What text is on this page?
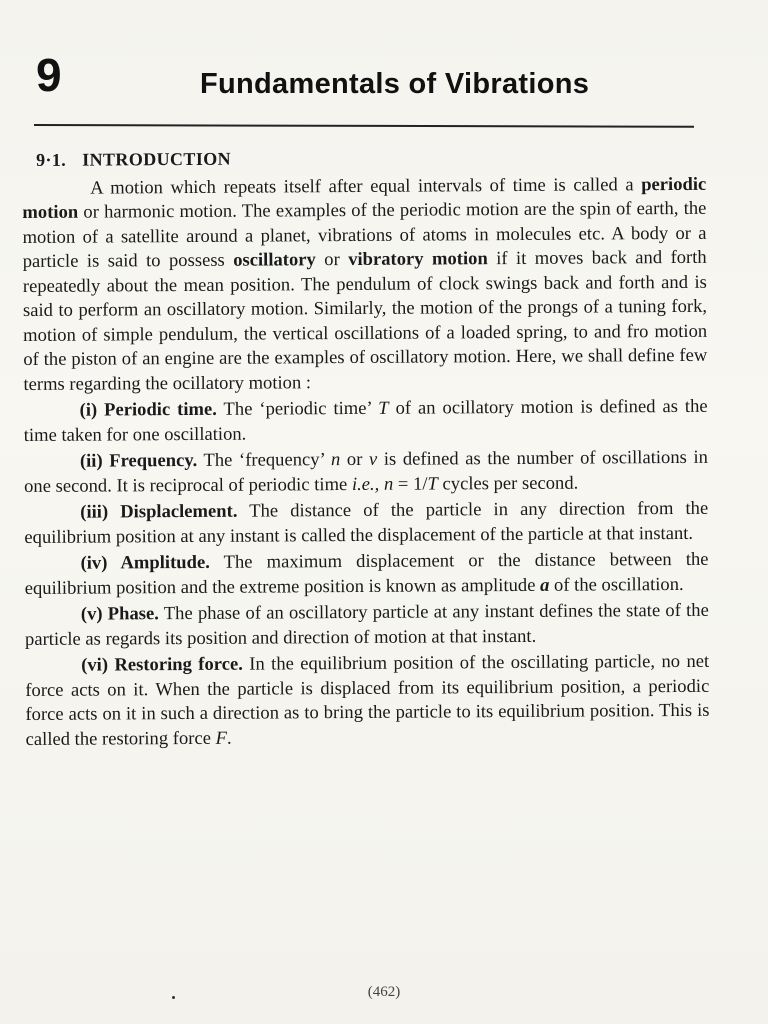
9	Fundamentals of Vibrations
9·1. INTRODUCTION

A motion which repeats itself after equal intervals of time is called a periodic motion or harmonic motion. The examples of the periodic motion are the spin of earth, the motion of a satellite around a planet, vibrations of atoms in molecules etc. A body or a particle is said to possess oscillatory or vibratory motion if it moves back and forth repeatedly about the mean position. The pendulum of clock swings back and forth and is said to perform an oscillatory motion. Similarly, the motion of the prongs of a tuning fork, motion of simple pendulum, the vertical oscillations of a loaded spring, to and fro motion of the piston of an engine are the examples of oscillatory motion. Here, we shall define few terms regarding the ocillatory motion :

(i) Periodic time. The ‘periodic time’ T of an ocillatory motion is defined as the time taken for one oscillation.

(ii) Frequency. The ‘frequency’ n or v is defined as the number of oscillations in one second. It is reciprocal of periodic time i.e., n = 1/T cycles per second.

(iii) Displaclement. The distance of the particle in any direction from the equilibrium position at any instant is called the displacement of the particle at that instant.

(iv) Amplitude. The maximum displacement or the distance between the equilibrium position and the extreme position is known as amplitude a of the oscillation.

(v) Phase. The phase of an oscillatory particle at any instant defines the state of the particle as regards its position and direction of motion at that instant.

(vi) Restoring force. In the equilibrium position of the oscillating particle, no net force acts on it. When the particle is displaced from its equilibrium position, a periodic force acts on it in such a direction as to bring the particle to its equilibrium position. This is called the restoring force F.

(462)
